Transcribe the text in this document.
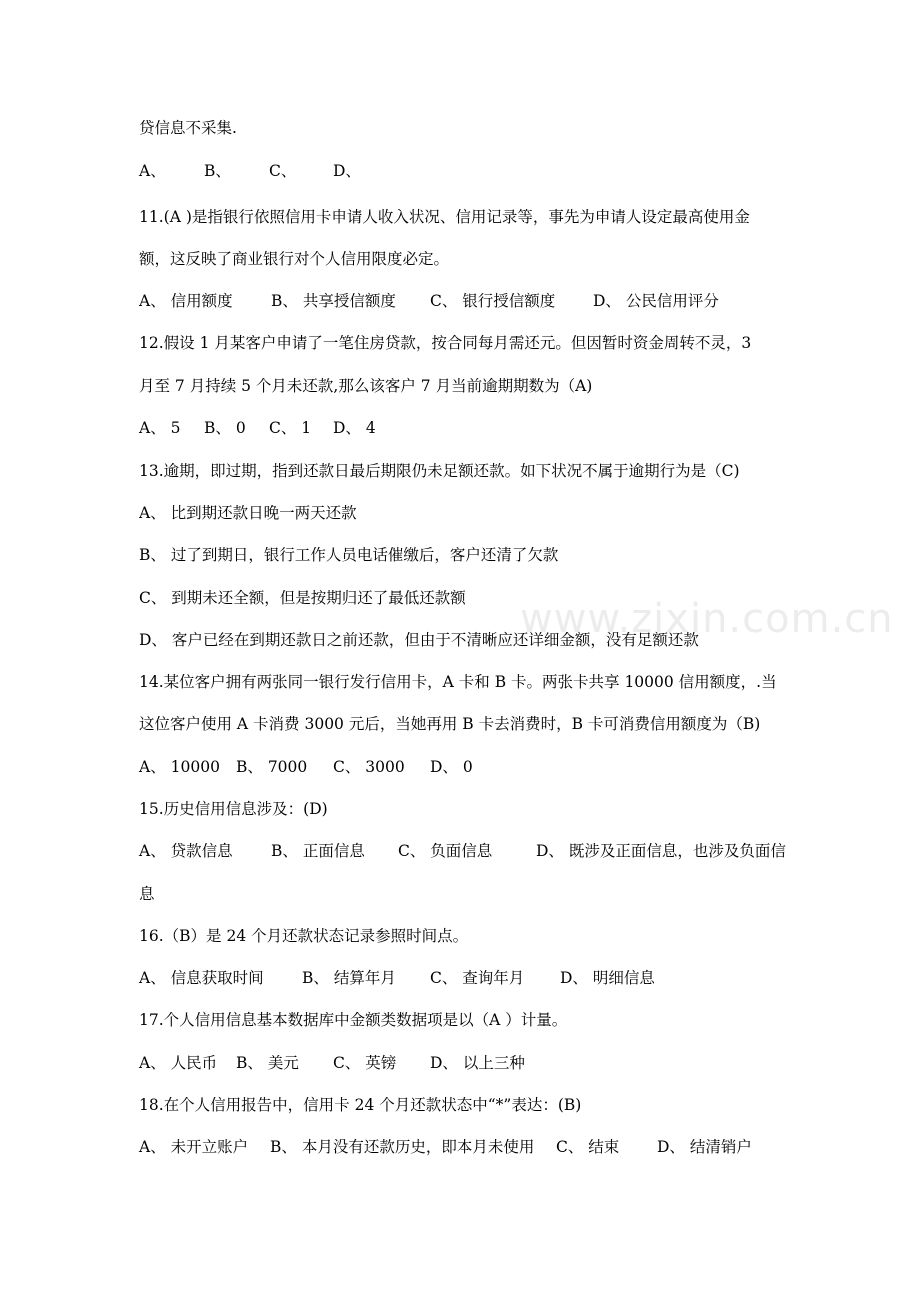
贷信息不采集.
A、 B、 C、 D、
11.(A )是指银行依照信用卡申请人收入状况、信用记录等，事先为申请人设定最高使用金
额，这反映了商业银行对个人信用限度必定。
A、 信用额度 B、 共享授信额度 C、 银行授信额度 D、 公民信用评分
12.假设 1 月某客户申请了一笔住房贷款，按合同每月需还元。但因暂时资金周转不灵，3
月至 7 月持续 5 个月未还款,那么该客户 7 月当前逾期期数为（A)
A、 5 B、 0 C、 1 D、 4
13.逾期，即过期，指到还款日最后期限仍未足额还款。如下状况不属于逾期行为是（C)
A、 比到期还款日晚一两天还款
B、 过了到期日，银行工作人员电话催缴后，客户还清了欠款
C、 到期未还全额，但是按期归还了最低还款额
D、 客户已经在到期还款日之前还款，但由于不清晰应还详细金额，没有足额还款
14.某位客户拥有两张同一银行发行信用卡，A 卡和 B 卡。两张卡共享 10000 信用额度，.当
这位客户使用 A 卡消费 3000 元后，当她再用 B 卡去消费时，B 卡可消费信用额度为（B)
A、 10000 B、 7000 C、 3000 D、 0
15.历史信用信息涉及：(D)
A、 贷款信息 B、 正面信息 C、 负面信息	D、 既涉及正面信息，也涉及负面信
息
16.（B）是 24 个月还款状态记录参照时间点。
A、 信息获取时间 B、 结算年月 C、 查询年月 D、 明细信息
17.个人信用信息基本数据库中金额类数据项是以（A ）计量。
A、 人民币 B、 美元 C、 英镑 D、 以上三种
18.在个人信用报告中，信用卡 24 个月还款状态中“*”表达：(B)
A、 未开立账户 B、 本月没有还款历史，即本月未使用 C、 结束 D、 结清销户
www.zixin.com.cn
